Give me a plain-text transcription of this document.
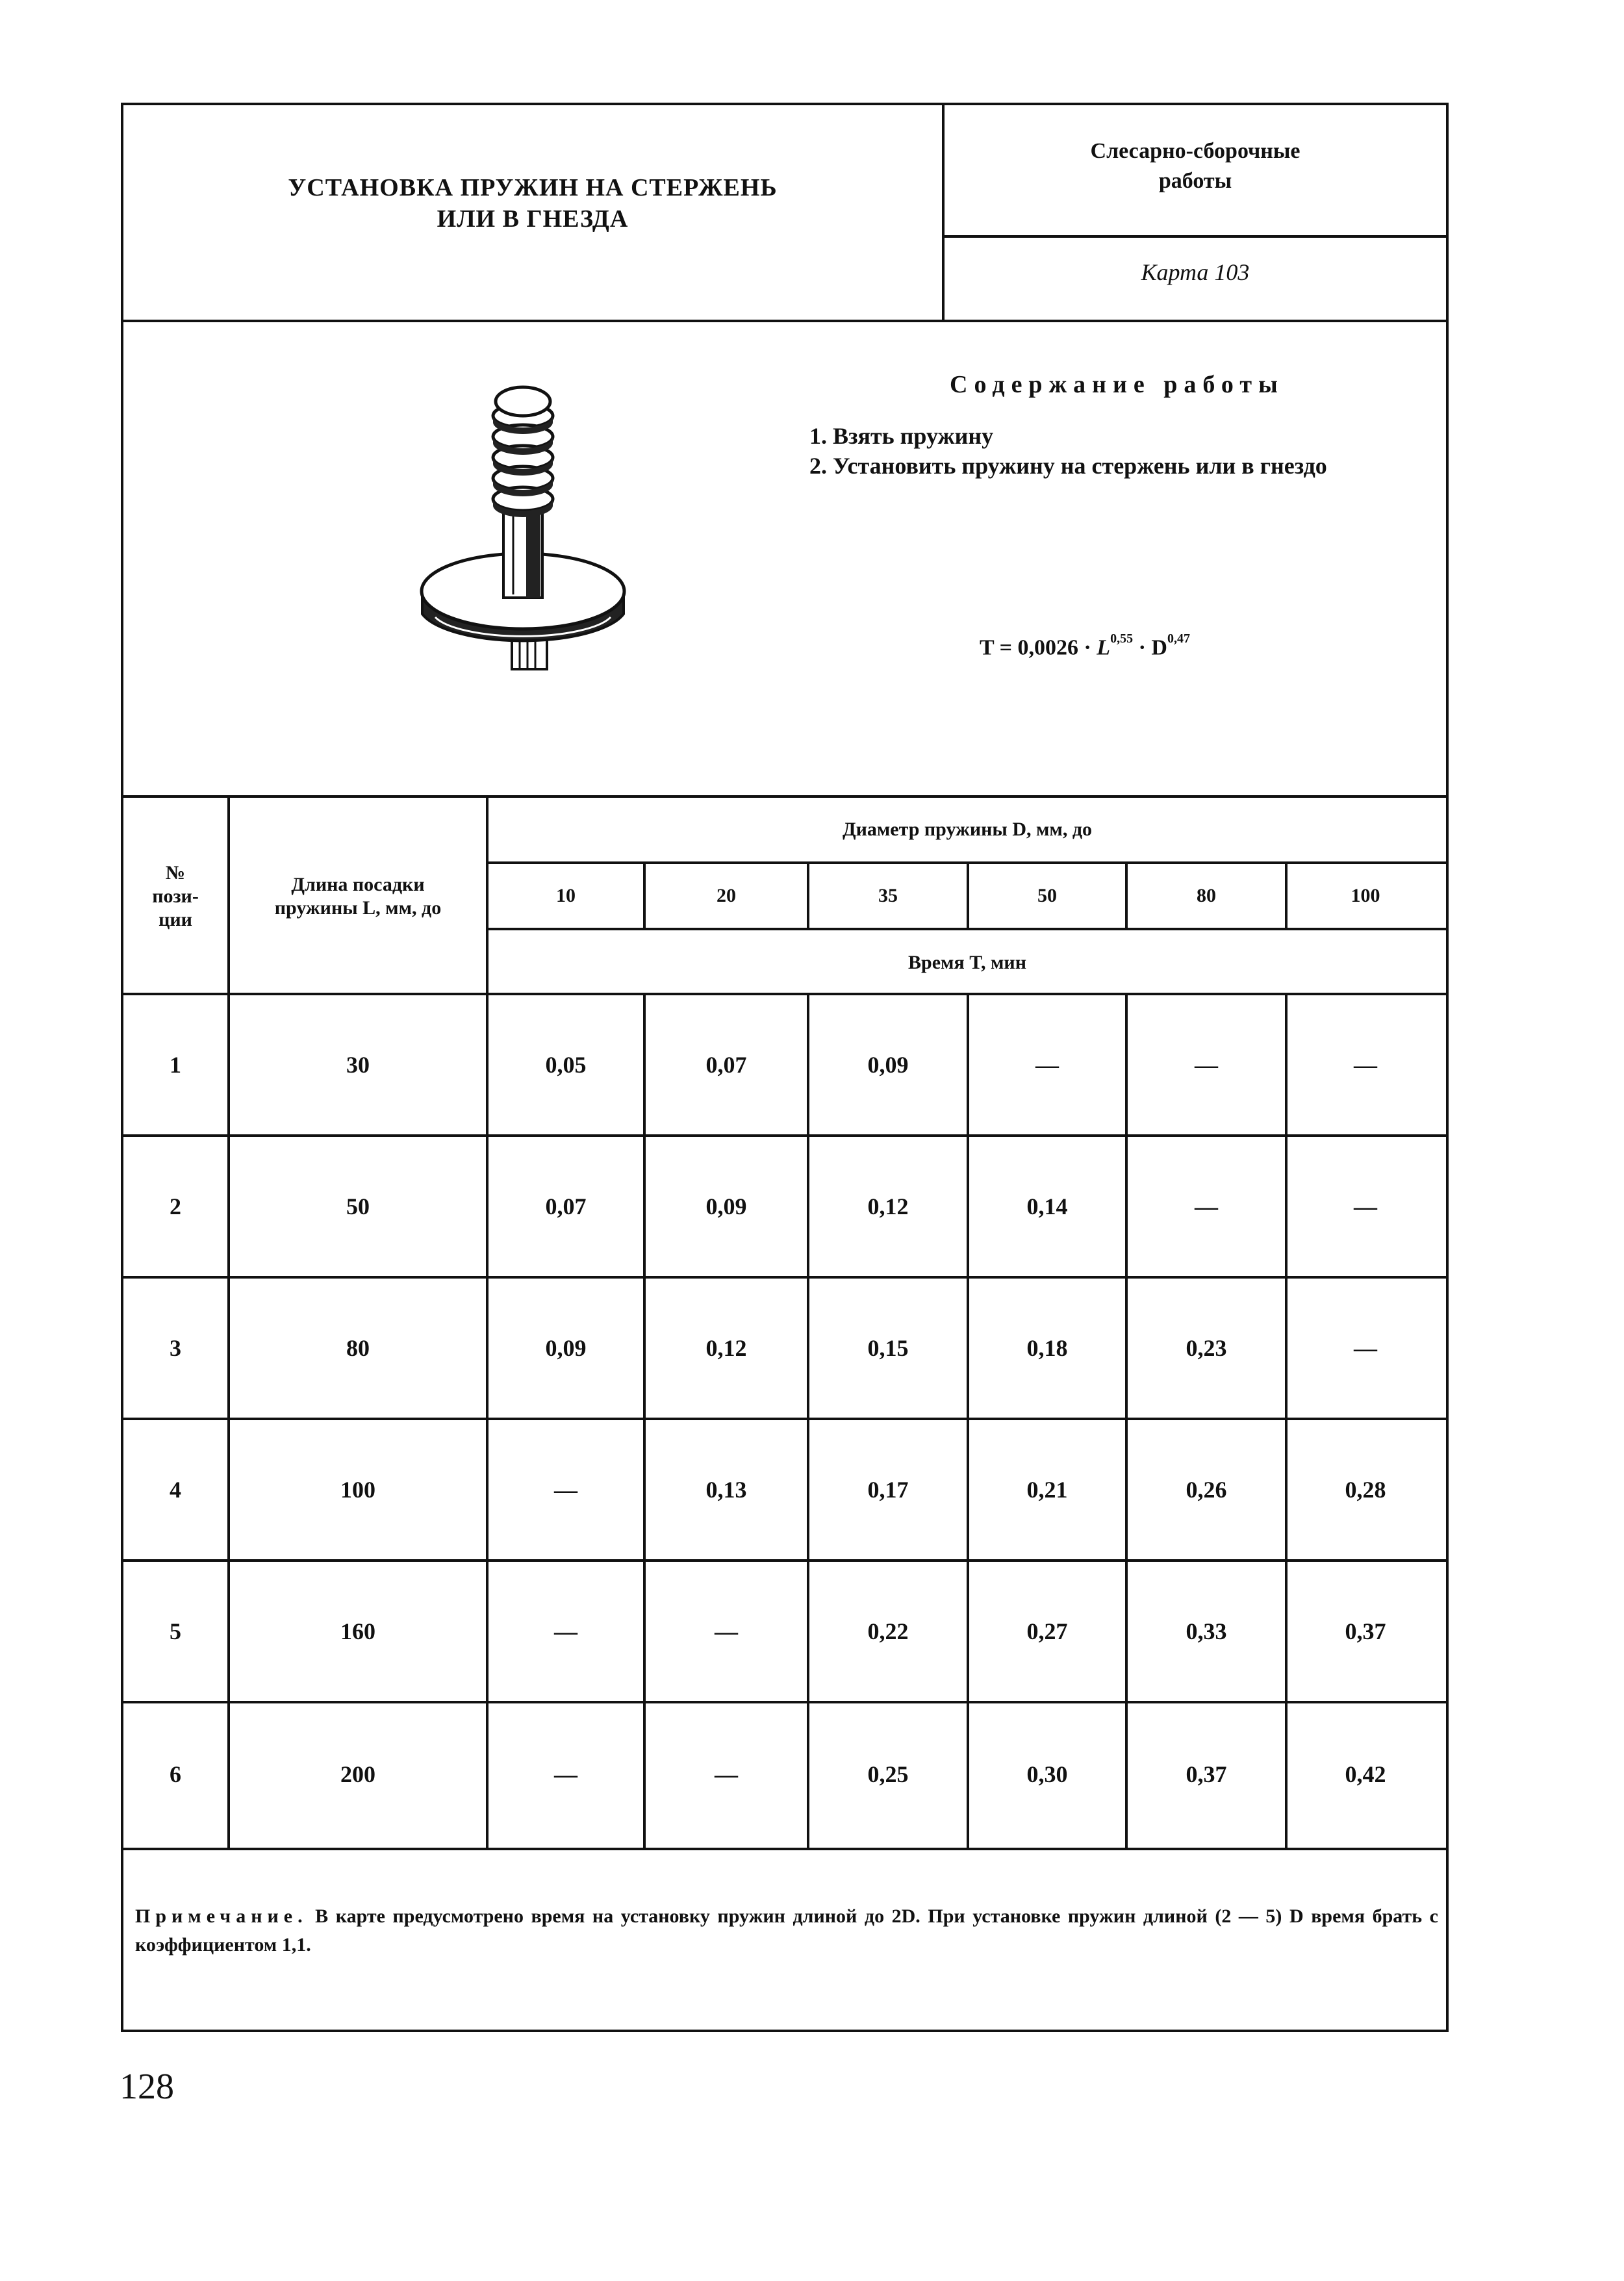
УСТАНОВКА ПРУЖИН НА СТЕРЖЕНЬ
ИЛИ В ГНЕЗДА
Слесарно-сборочные
работы
Карта 103
Содержание работы
1. Взять пружину
2. Установить пружину на стержень или в гнездо
T = 0,0026 · L$^{0,55}$ · D$^{0,47}$
№ пози-ции
Длина посадки пружины L, мм, до
Диаметр пружины D, мм, до
Время T, мин
10	20	35	50	80	100
1	30	0,05	0,07	0,09	—	—	—
2	50	0,07	0,09	0,12	0,14	—	—
3	80	0,09	0,12	0,15	0,18	0,23	—
4	100	—	0,13	0,17	0,21	0,26	0,28
5	160	—	—	0,22	0,27	0,33	0,37
6	200	—	—	0,25	0,30	0,37	0,42
Примечание. В карте предусмотрено время на установку пружин длиной до 2D. При установке пружин длиной (2 — 5) D время брать с коэффициентом 1,1.
128
